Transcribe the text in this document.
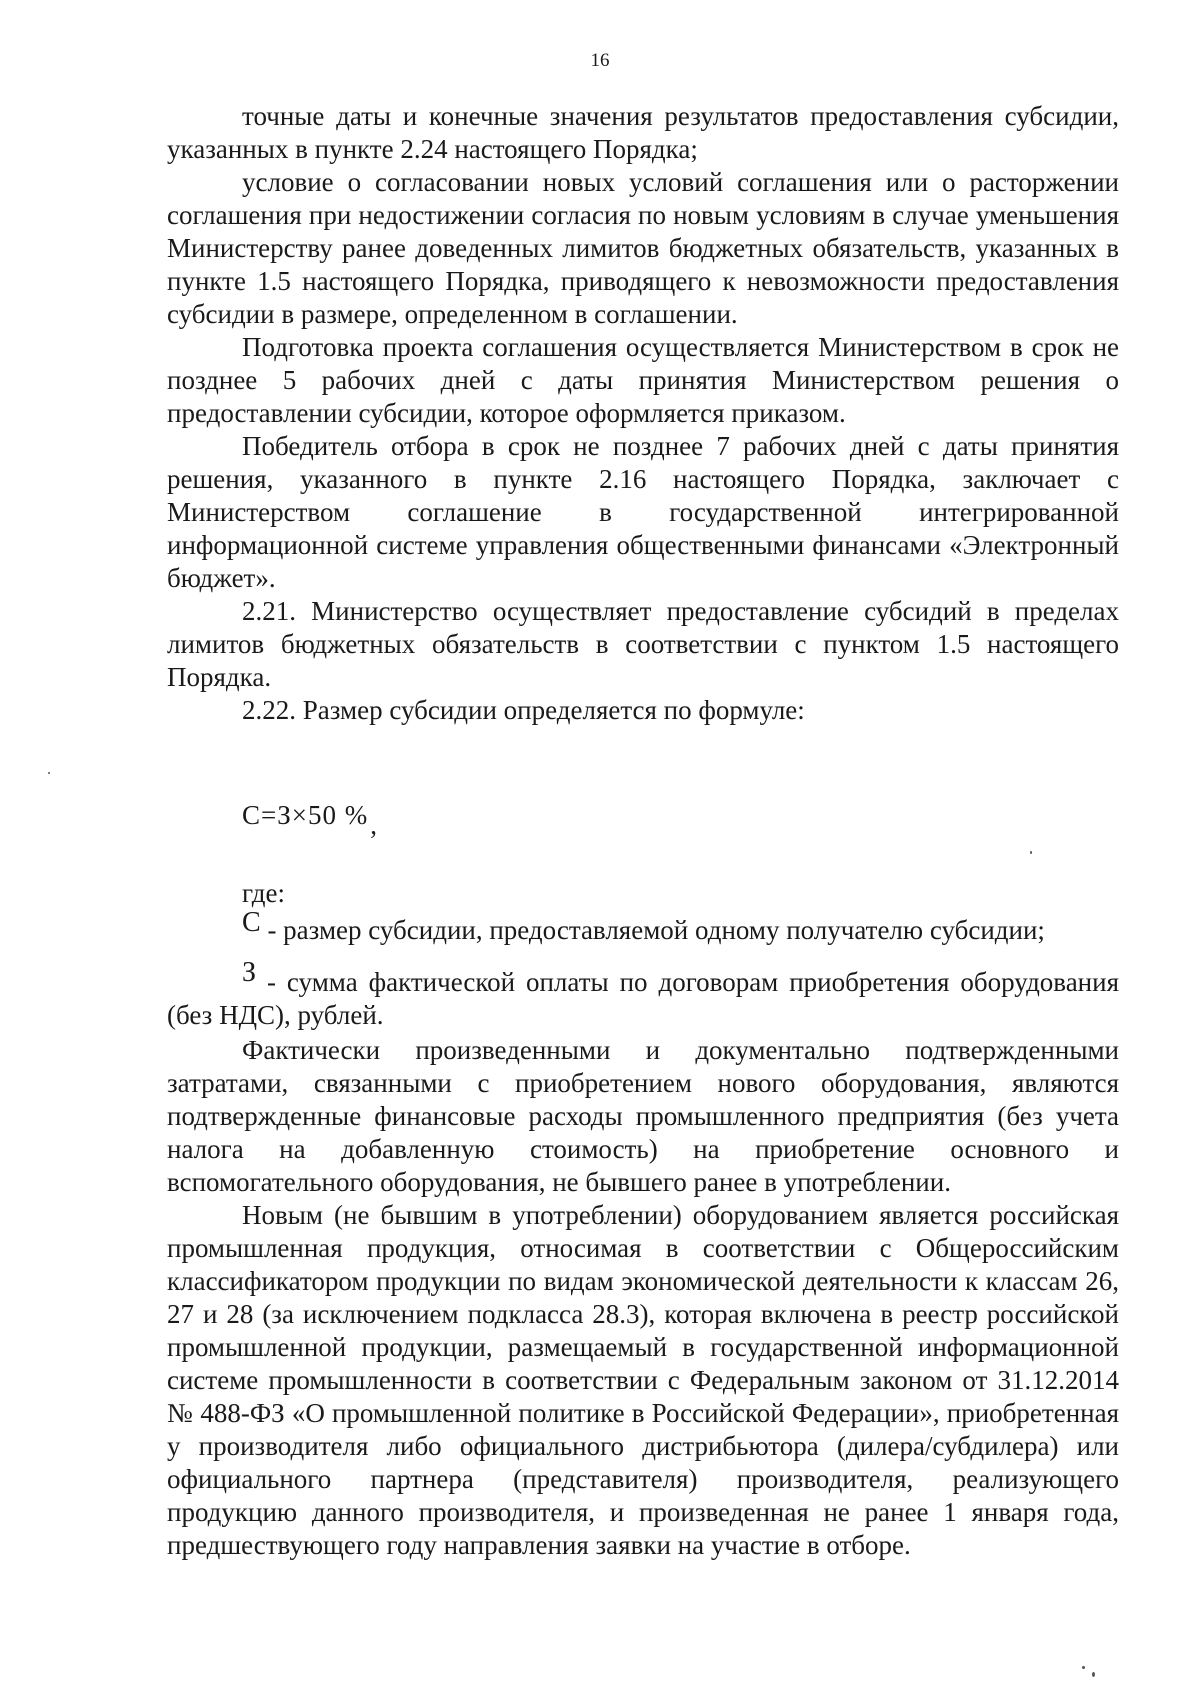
16

точные даты и конечные значения результатов предоставления субсидии, указанных в пункте 2.24 настоящего Порядка;

условие о согласовании новых условий соглашения или о расторжении соглашения при недостижении согласия по новым условиям в случае уменьшения Министерству ранее доведенных лимитов бюджетных обязательств, указанных в пункте 1.5 настоящего Порядка, приводящего к невозможности предоставления субсидии в размере, определенном в соглашении.

Подготовка проекта соглашения осуществляется Министерством в срок не позднее 5 рабочих дней с даты принятия Министерством решения о предоставлении субсидии, которое оформляется приказом.

Победитель отбора в срок не позднее 7 рабочих дней с даты принятия решения, указанного в пункте 2.16 настоящего Порядка, заключает с Министерством соглашение в государственной интегрированной информационной системе управления общественными финансами «Электронный бюджет».

2.21. Министерство осуществляет предоставление субсидий в пределах лимитов бюджетных обязательств в соответствии с пунктом 1.5 настоящего Порядка.

2.22. Размер субсидии определяется по формуле:

С=З×50 %,
где:

С - размер субсидии, предоставляемой одному получателю субсидии;

З - сумма фактической оплаты по договорам приобретения оборудования (без НДС), рублей.

Фактически произведенными и документально подтвержденными затратами, связанными с приобретением нового оборудования, являются подтвержденные финансовые расходы промышленного предприятия (без учета налога на добавленную стоимость) на приобретение основного и вспомогательного оборудования, не бывшего ранее в употреблении.

Новым (не бывшим в употреблении) оборудованием является российская промышленная продукция, относимая в соответствии с Общероссийским классификатором продукции по видам экономической деятельности к классам 26, 27 и 28 (за исключением подкласса 28.3), которая включена в реестр российской промышленной продукции, размещаемый в государственной информационной системе промышленности в соответствии с Федеральным законом от 31.12.2014 № 488-ФЗ «О промышленной политике в Российской Федерации», приобретенная у производителя либо официального дистрибьютора (дилера/субдилера) или официального партнера (представителя) производителя, реализующего продукцию данного производителя, и произведенная не ранее 1 января года, предшествующего году направления заявки на участие в отборе.
